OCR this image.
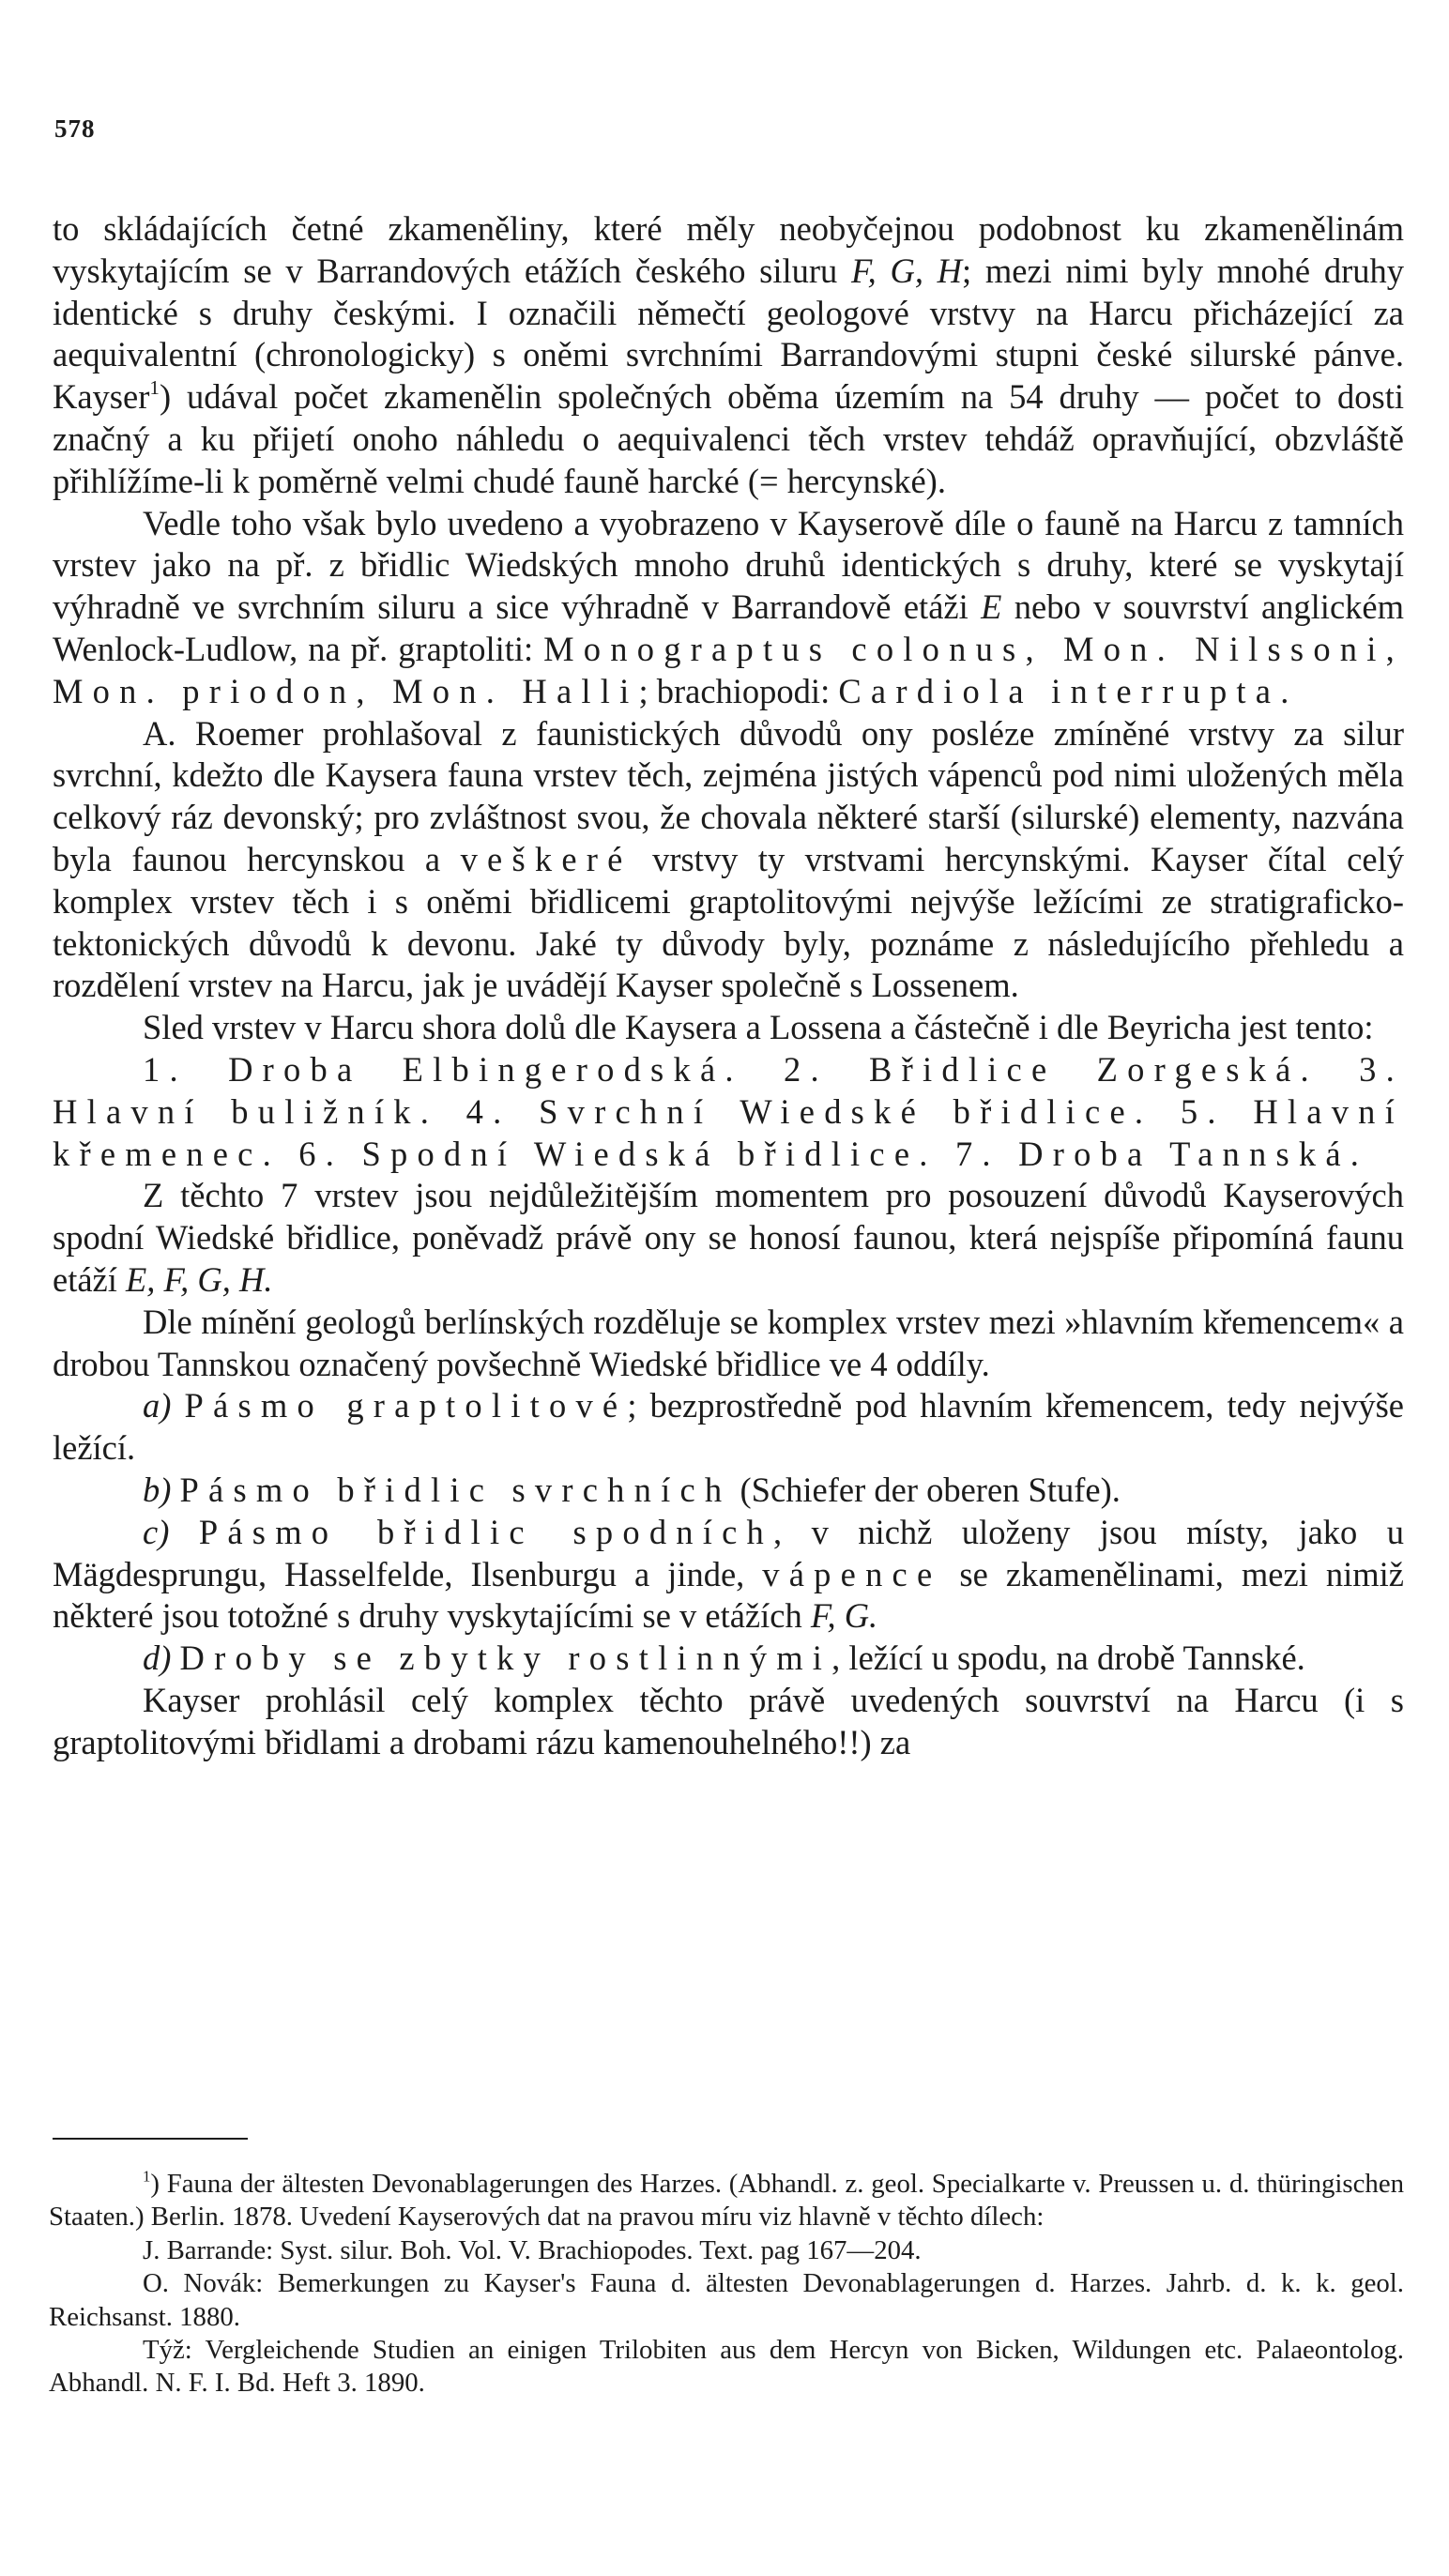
578

to skládajících četné zkameněliny, které měly neobyčejnou podobnost ku zkamenělinám vyskytajícím se v Barrandových etážích českého siluru F, G, H; mezi nimi byly mnohé druhy identické s druhy českými. I označili němečtí geologové vrstvy na Harcu přicházející za aequivalentní (chronologicky) s oněmi svrchními Barrandovými stupni české silurské pánve. Kayser$^1$) udával počet zkamenělin společných oběma územím na 54 druhy — počet to dosti značný a ku přijetí onoho náhledu o aequivalenci těch vrstev tehdáž opravňující, obzvláště přihlížíme-li k poměrně velmi chudé fauně harcké (= hercynské).

Vedle toho však bylo uvedeno a vyobrazeno v Kayserově díle o fauně na Harcu z tamních vrstev jako na př. z břidlic Wiedských mnoho druhů identických s druhy, které se vyskytají výhradně ve svrchním siluru a sice výhradně v Barrandově etáži E nebo v souvrství anglickém Wenlock-Ludlow, na př. graptoliti: Monograptus colonus, Mon. Nilssoni, Mon. priodon, Mon. Halli; brachiopodi: Cardiola interrupta.

A. Roemer prohlašoval z faunistických důvodů ony posléze zmíněné vrstvy za silur svrchní, kdežto dle Kaysera fauna vrstev těch, zejména jistých vápenců pod nimi uložených měla celkový ráz devonský; pro zvláštnost svou, že chovala některé starší (silurské) elementy, nazvána byla faunou hercynskou a veškeré vrstvy ty vrstvami hercynskými. Kayser čítal celý komplex vrstev těch i s oněmi břidlicemi graptolitovými nejvýše ležícími ze stratigraficko-tektonických důvodů k devonu. Jaké ty důvody byly, poznáme z následujícího přehledu a rozdělení vrstev na Harcu, jak je uvádějí Kayser společně s Lossenem.

Sled vrstev v Harcu shora dolů dle Kaysera a Lossena a částečně i dle Beyricha jest tento:

1. Droba Elbingerodská. 2. Břidlice Zorgeská. 3. Hlavní buližník. 4. Svrchní Wiedské břidlice. 5. Hlavní křemenec. 6. Spodní Wiedská břidlice. 7. Droba Tannská.

Z těchto 7 vrstev jsou nejdůležitějším momentem pro posouzení důvodů Kayserových spodní Wiedské břidlice, poněvadž právě ony se honosí faunou, která nejspíše připomíná faunu etáží E, F, G, H.

Dle mínění geologů berlínských rozděluje se komplex vrstev mezi »hlavním křemencem« a drobou Tannskou označený povšechně Wiedské břidlice ve 4 oddíly.

a) Pásmo graptolitové; bezprostředně pod hlavním křemencem, tedy nejvýše ležící.

b) Pásmo břidlic svrchních (Schiefer der oberen Stufe).

c) Pásmo břidlic spodních, v nichž uloženy jsou místy, jako u Mägdesprungu, Hasselfelde, Ilsenburgu a jinde, vápence se zkamenělinami, mezi nimiž některé jsou totožné s druhy vyskytajícími se v etážích F, G.

d) Droby se zbytky rostlinnými, ležící u spodu, na drobě Tannské.

Kayser prohlásil celý komplex těchto právě uvedených souvrství na Harcu (i s graptolitovými břidlami a drobami rázu kamenouhelného!!) za

$^1$) Fauna der ältesten Devonablagerungen des Harzes. (Abhandl. z. geol. Specialkarte v. Preussen u. d. thüringischen Staaten.) Berlin. 1878. Uvedení Kayserových dat na pravou míru viz hlavně v těchto dílech:

J. Barrande: Syst. silur. Boh. Vol. V. Brachiopodes. Text. pag 167—204.

O. Novák: Bemerkungen zu Kayser's Fauna d. ältesten Devonablagerungen d. Harzes. Jahrb. d. k. k. geol. Reichsanst. 1880.

Týž: Vergleichende Studien an einigen Trilobiten aus dem Hercyn von Bicken, Wildungen etc. Palaeontolog. Abhandl. N. F. I. Bd. Heft 3. 1890.
